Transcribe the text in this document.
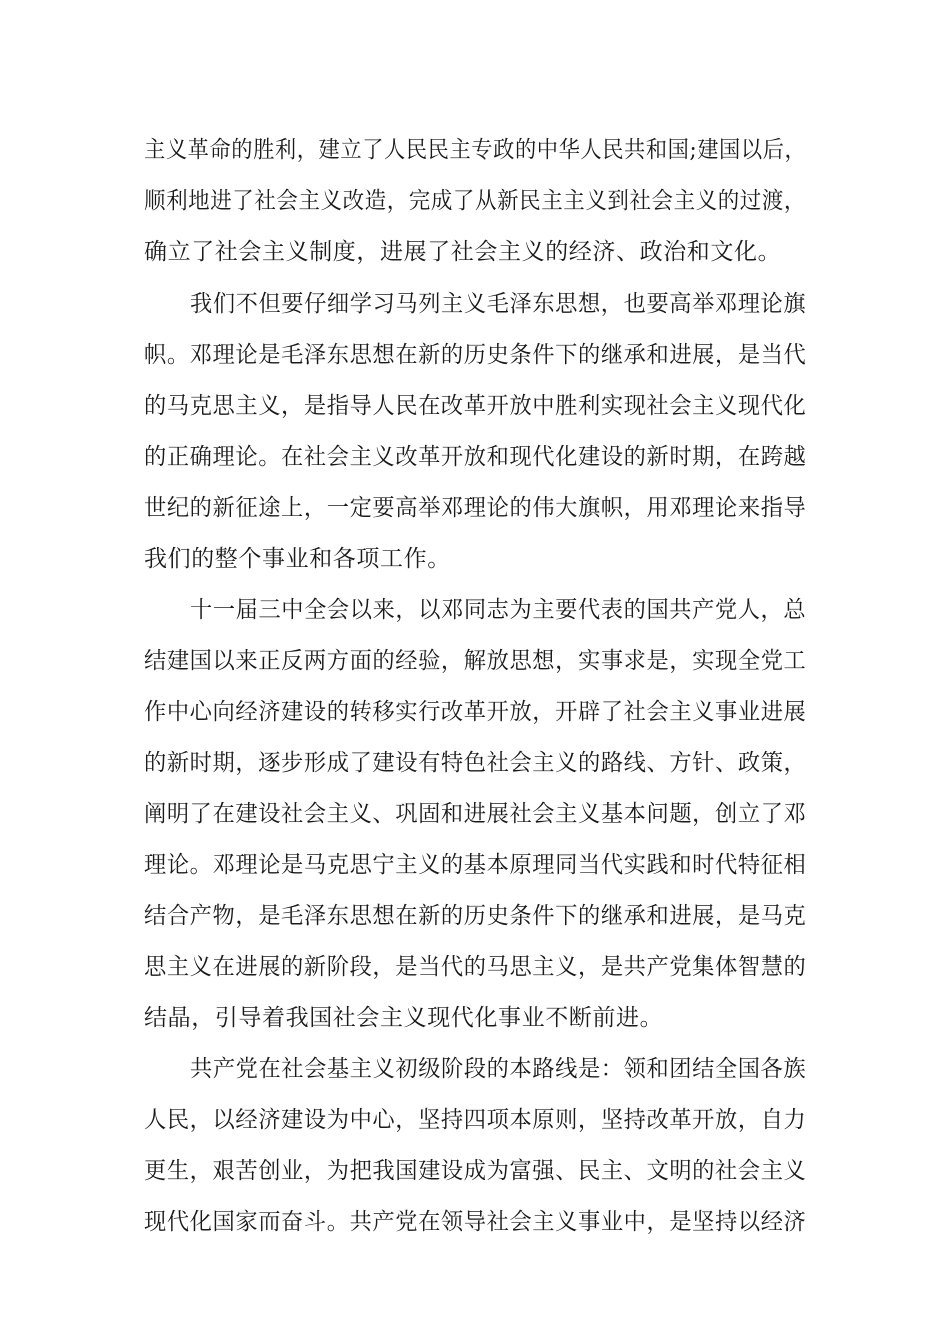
主义革命的胜利，建立了人民民主专政的中华人民共和国;建国以后，
顺利地进了社会主义改造，完成了从新民主主义到社会主义的过渡，
确立了社会主义制度，进展了社会主义的经济、政治和文化。
我们不但要仔细学习马列主义毛泽东思想，也要高举邓理论旗
帜。邓理论是毛泽东思想在新的历史条件下的继承和进展，是当代
的马克思主义，是指导人民在改革开放中胜利实现社会主义现代化
的正确理论。在社会主义改革开放和现代化建设的新时期，在跨越
世纪的新征途上，一定要高举邓理论的伟大旗帜，用邓理论来指导
我们的整个事业和各项工作。
十一届三中全会以来，以邓同志为主要代表的国共产党人，总
结建国以来正反两方面的经验，解放思想，实事求是，实现全党工
作中心向经济建设的转移实行改革开放，开辟了社会主义事业进展
的新时期，逐步形成了建设有特色社会主义的路线、方针、政策，
阐明了在建设社会主义、巩固和进展社会主义基本问题，创立了邓
理论。邓理论是马克思宁主义的基本原理同当代实践和时代特征相
结合产物，是毛泽东思想在新的历史条件下的继承和进展，是马克
思主义在进展的新阶段，是当代的马思主义，是共产党集体智慧的
结晶，引导着我国社会主义现代化事业不断前进。
共产党在社会基主义初级阶段的本路线是：领和团结全国各族
人民，以经济建设为中心，坚持四项本原则，坚持改革开放，自力
更生，艰苦创业，为把我国建设成为富强、民主、文明的社会主义
现代化国家而奋斗。共产党在领导社会主义事业中，是坚持以经济
